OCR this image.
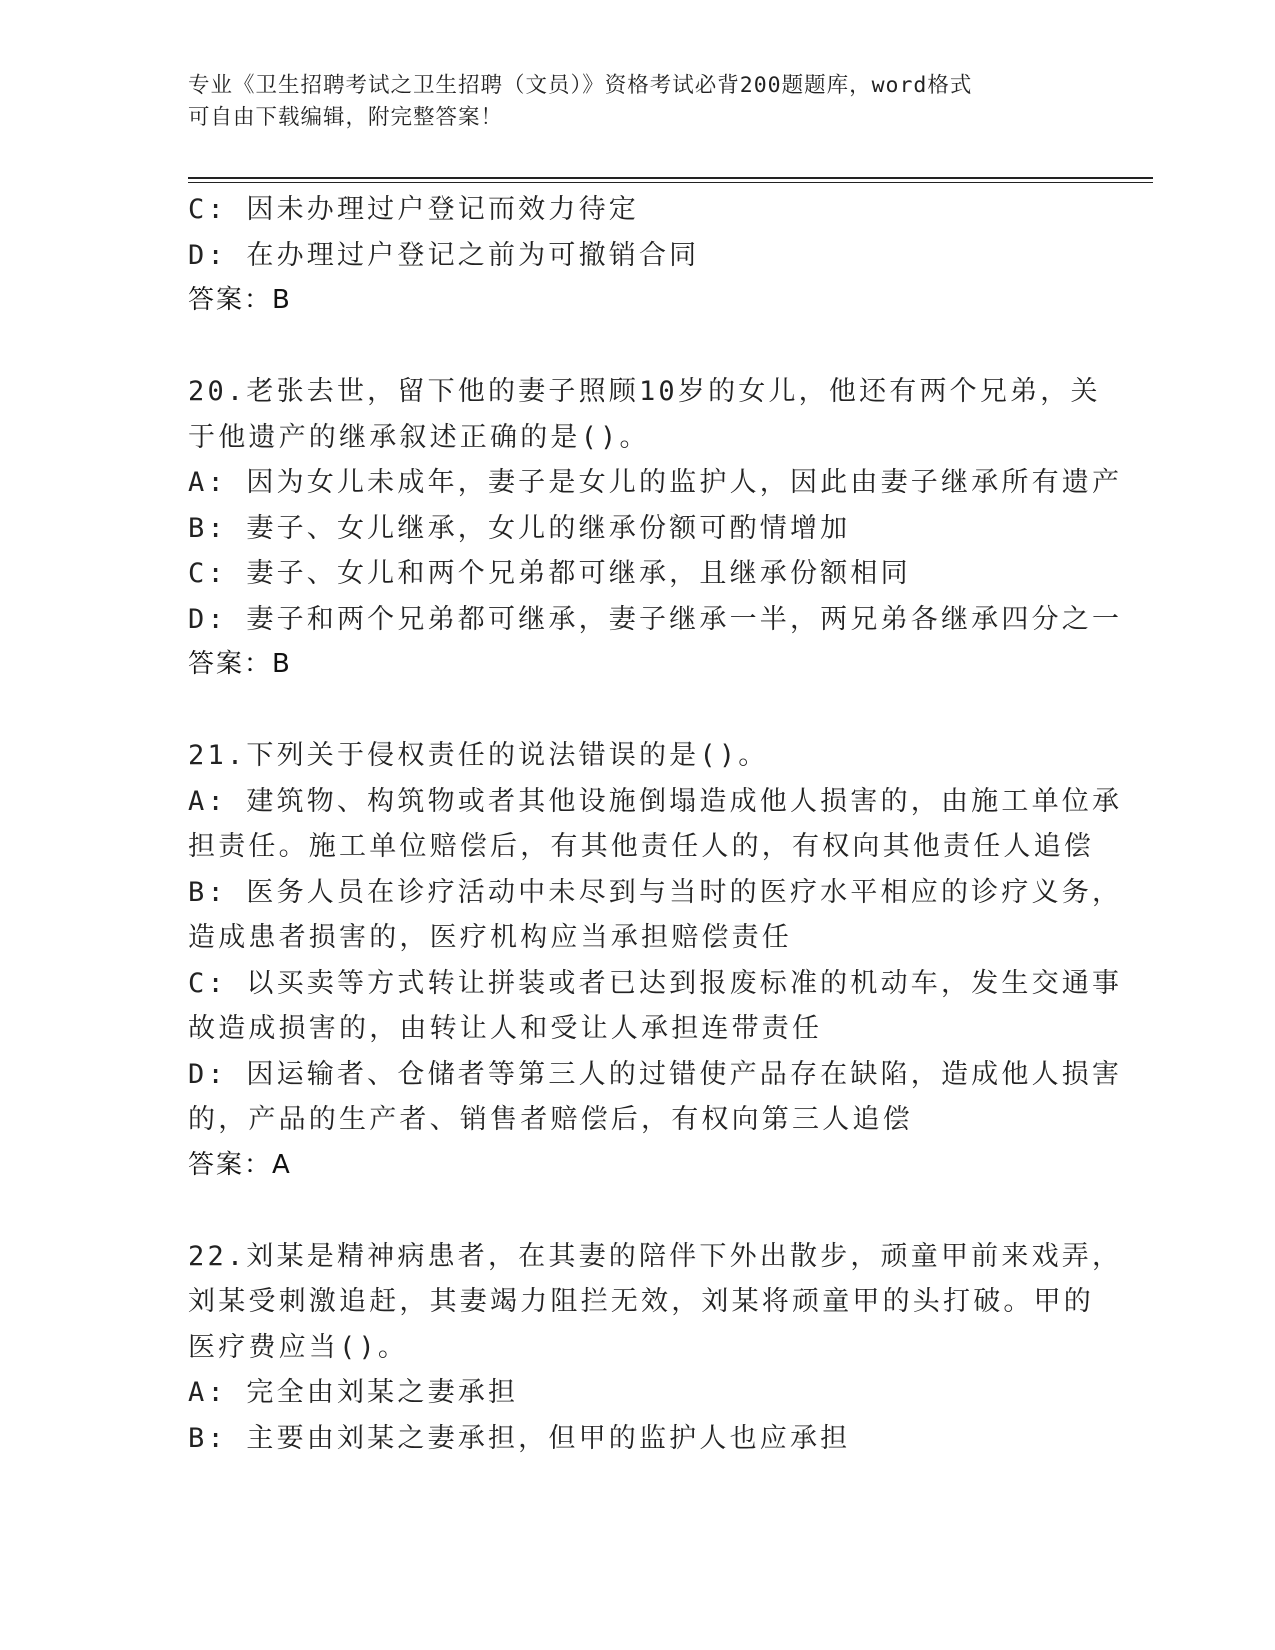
专业《卫生招聘考试之卫生招聘（文员）》资格考试必背200题题库，word格式
可自由下载编辑，附完整答案！
C: 因未办理过户登记而效力待定
D: 在办理过户登记之前为可撤销合同
答案：B
20.老张去世，留下他的妻子照顾10岁的女儿，他还有两个兄弟，关
于他遗产的继承叙述正确的是()。
A: 因为女儿未成年，妻子是女儿的监护人，因此由妻子继承所有遗产
B: 妻子、女儿继承，女儿的继承份额可酌情增加
C: 妻子、女儿和两个兄弟都可继承，且继承份额相同
D: 妻子和两个兄弟都可继承，妻子继承一半，两兄弟各继承四分之一
答案：B
21.下列关于侵权责任的说法错误的是()。
A: 建筑物、构筑物或者其他设施倒塌造成他人损害的，由施工单位承
担责任。施工单位赔偿后，有其他责任人的，有权向其他责任人追偿
B: 医务人员在诊疗活动中未尽到与当时的医疗水平相应的诊疗义务，
造成患者损害的，医疗机构应当承担赔偿责任
C: 以买卖等方式转让拼装或者已达到报废标准的机动车，发生交通事
故造成损害的，由转让人和受让人承担连带责任
D: 因运输者、仓储者等第三人的过错使产品存在缺陷，造成他人损害
的，产品的生产者、销售者赔偿后，有权向第三人追偿
答案：A
22.刘某是精神病患者，在其妻的陪伴下外出散步，顽童甲前来戏弄，
刘某受刺激追赶，其妻竭力阻拦无效，刘某将顽童甲的头打破。甲的
医疗费应当()。
A: 完全由刘某之妻承担
B: 主要由刘某之妻承担，但甲的监护人也应承担
